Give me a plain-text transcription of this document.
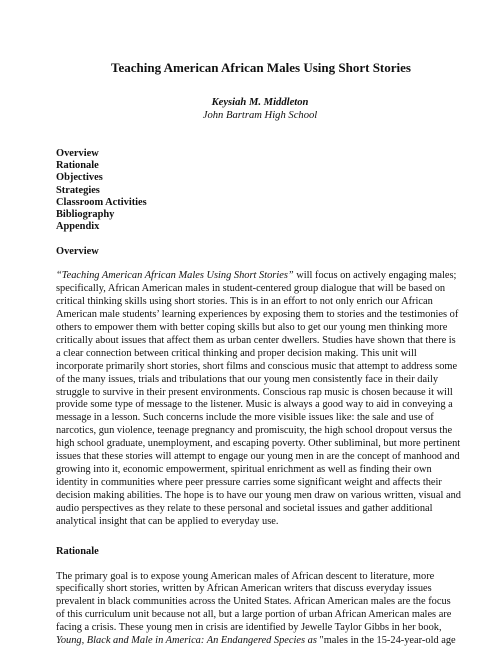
Teaching American African Males Using Short Stories
Keysiah M. Middleton
John Bartram High School
Overview
Rationale
Objectives
Strategies
Classroom Activities
Bibliography
Appendix
Overview
“Teaching American African Males Using Short Stories” will focus on actively engaging males;
specifically, African American males in student-centered group dialogue that will be based on
critical thinking skills using short stories. This is in an effort to not only enrich our African
American male students’ learning experiences by exposing them to stories and the testimonies of
others to empower them with better coping skills but also to get our young men thinking more
critically about issues that affect them as urban center dwellers. Studies have shown that there is
a clear connection between critical thinking and proper decision making. This unit will
incorporate primarily short stories, short films and conscious music that attempt to address some
of the many issues, trials and tribulations that our young men consistently face in their daily
struggle to survive in their present environments. Conscious rap music is chosen because it will
provide some type of message to the listener. Music is always a good way to aid in conveying a
message in a lesson. Such concerns include the more visible issues like: the sale and use of
narcotics, gun violence, teenage pregnancy and promiscuity, the high school dropout versus the
high school graduate, unemployment, and escaping poverty. Other subliminal, but more pertinent
issues that these stories will attempt to engage our young men in are the concept of manhood and
growing into it, economic empowerment, spiritual enrichment as well as finding their own
identity in communities where peer pressure carries some significant weight and affects their
decision making abilities. The hope is to have our young men draw on various written, visual and
audio perspectives as they relate to these personal and societal issues and gather additional
analytical insight that can be applied to everyday use.
Rationale
The primary goal is to expose young American males of African descent to literature, more
specifically short stories, written by African American writers that discuss everyday issues
prevalent in black communities across the United States. African American males are the focus
of this curriculum unit because not all, but a large portion of urban African American males are
facing a crisis. These young men in crisis are identified by Jewelle Taylor Gibbs in her book,
Young, Black and Male in America: An Endangered Species as "males in the 15-24-year-old age
